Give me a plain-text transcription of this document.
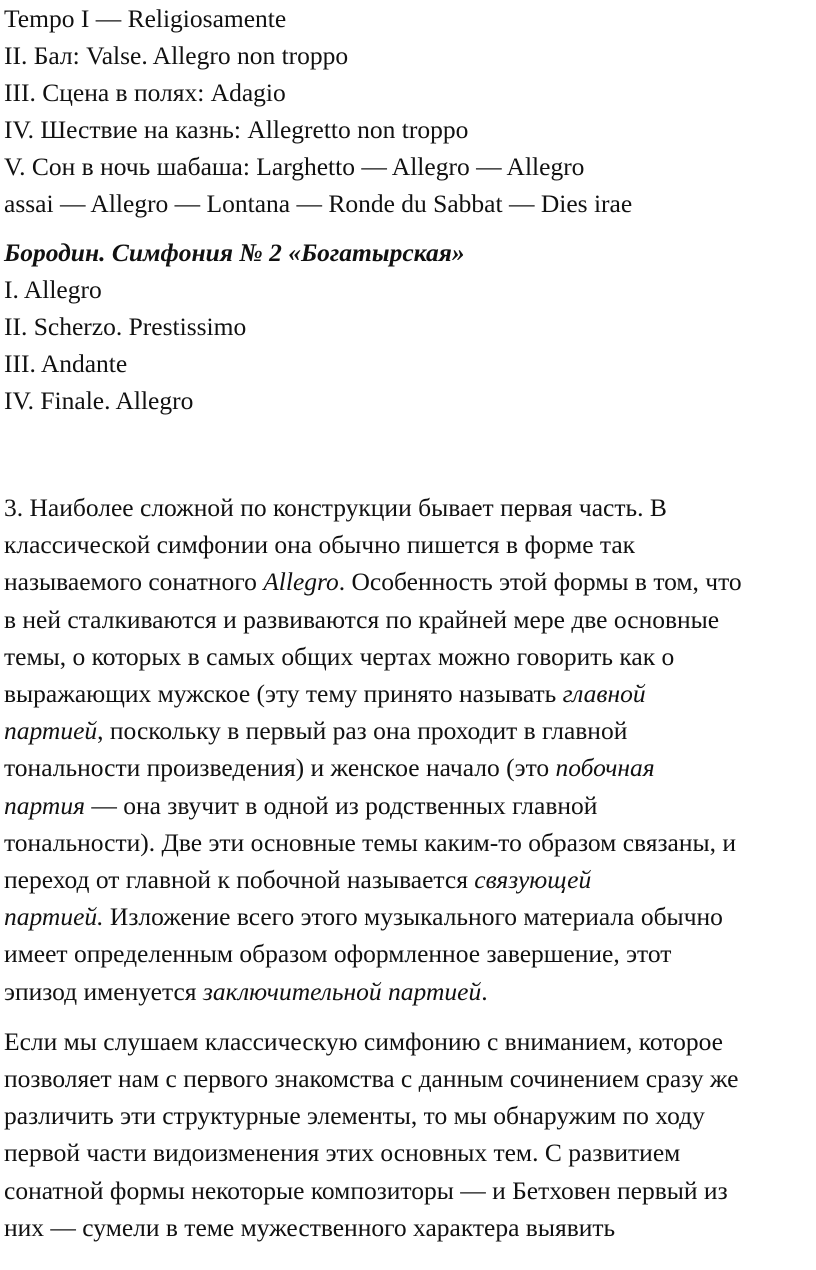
Tempo I — Religiosamente
II. Бал: Valse. Allegro non troppo
III. Сцена в полях: Adagio
IV. Шествие на казнь: Allegretto non troppo
V. Сон в ночь шабаша: Larghetto — Allegro — Allegro
assai — Allegro — Lontana — Ronde du Sabbat — Dies irae
Бородин. Симфония № 2 «Богатырская»
I. Allegro
II. Scherzo. Prestissimo
III. Andante
IV. Finale. Allegro
3. Наиболее сложной по конструкции бывает первая часть. В
классической симфонии она обычно пишется в форме так
называемого сонатного Allegro. Особенность этой формы в том, что
в ней сталкиваются и развиваются по крайней мере две основные
темы, о которых в самых общих чертах можно говорить как о
выражающих мужское (эту тему принято называть главной
партией, поскольку в первый раз она проходит в главной
тональности произведения) и женское начало (это побочная
партия — она звучит в одной из родственных главной
тональности). Две эти основные темы каким-то образом связаны, и
переход от главной к побочной называется связующей
партией. Изложение всего этого музыкального материала обычно
имеет определенным образом оформленное завершение, этот
эпизод именуется заключительной партией.
Если мы слушаем классическую симфонию с вниманием, которое
позволяет нам с первого знакомства с данным сочинением сразу же
различить эти структурные элементы, то мы обнаружим по ходу
первой части видоизменения этих основных тем. С развитием
сонатной формы некоторые композиторы — и Бетховен первый из
них — сумели в теме мужественного характера выявить
